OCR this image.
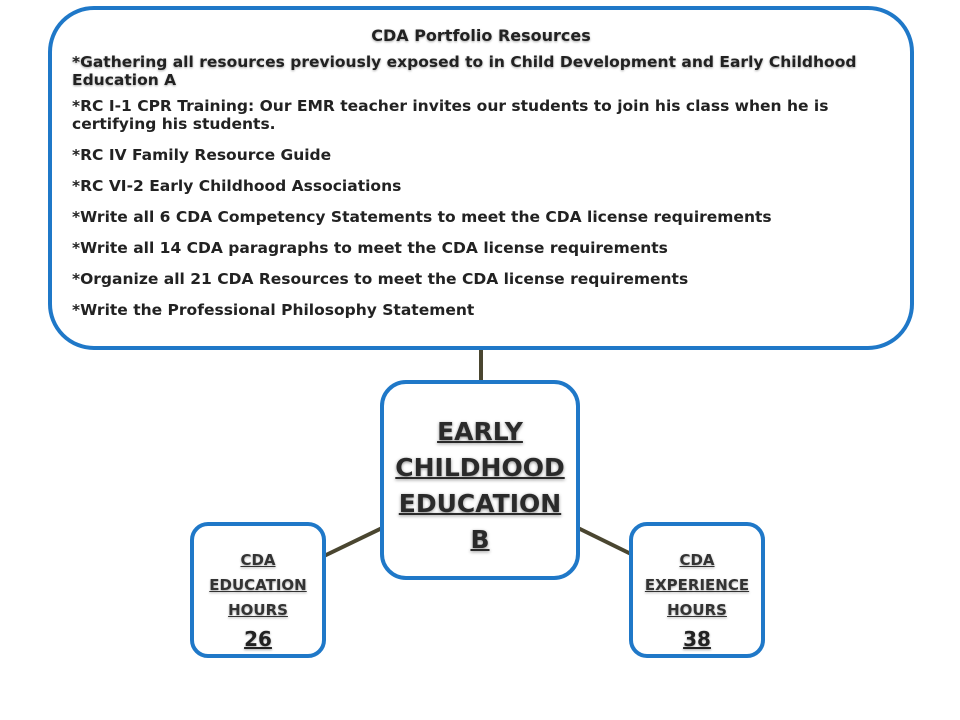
CDA Portfolio Resources
*Gathering all resources previously exposed to in Child Development and Early Childhood Education A
*RC I-1 CPR Training: Our EMR teacher invites our students to join his class when he is certifying his students.
*RC IV Family Resource Guide
*RC VI-2 Early Childhood Associations
*Write all 6 CDA Competency Statements to meet the CDA license requirements
*Write all 14 CDA paragraphs to meet the CDA license requirements
*Organize all 21 CDA Resources to meet the CDA license requirements
*Write the Professional Philosophy Statement
EARLY CHILDHOOD EDUCATION B
CDA
EDUCATION
HOURS
26
CDA
EXPERIENCE
HOURS
38
